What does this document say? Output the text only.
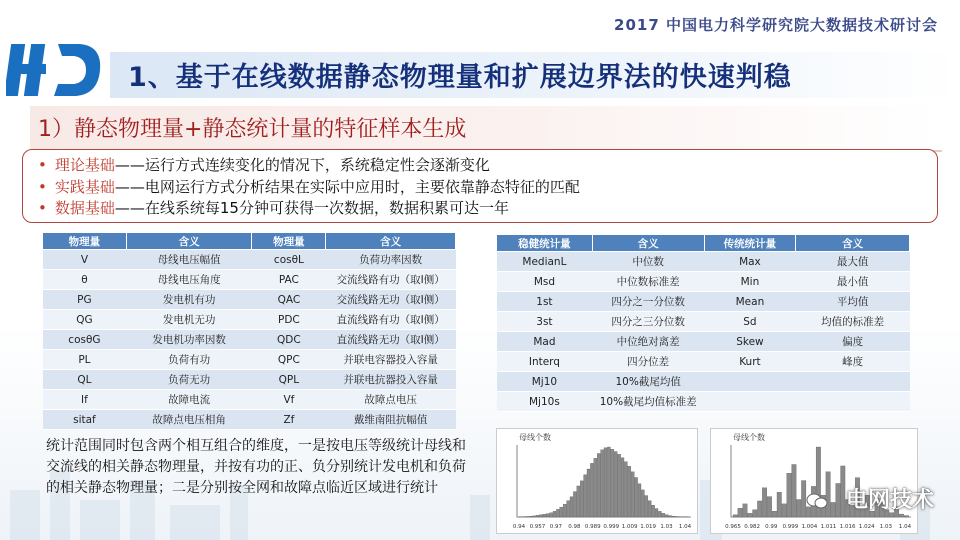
2017 中国电力科学研究院大数据技术研讨会
1、基于在线数据静态物理量和扩展边界法的快速判稳
1）静态物理量+静态统计量的特征样本生成
• 理论基础——运行方式连续变化的情况下，系统稳定性会逐渐变化
• 实践基础——电网运行方式分析结果在实际中应用时，主要依靠静态特征的匹配
• 数据基础——在线系统每15分钟可获得一次数据，数据积累可达一年
物理量	含义	物理量	含义
V	母线电压幅值	cosθL	负荷功率因数
θ	母线电压角度	PAC	交流线路有功（取I侧）
PG	发电机有功	QAC	交流线路无功（取I侧）
QG	发电机无功	PDC	直流线路有功（取I侧）
cosθG	发电机功率因数	QDC	直流线路无功（取I侧）
PL	负荷有功	QPC	并联电容器投入容量
QL	负荷无功	QPL	并联电抗器投入容量
If	故障电流	Vf	故障点电压
sitaf	故障点电压相角	Zf	戴维南阻抗幅值
稳健统计量	含义	传统统计量	含义
MedianL	中位数	Max	最大值
Msd	中位数标准差	Min	最小值
1st	四分之一分位数	Mean	平均值
3st	四分之三分位数	Sd	均值的标准差
Mad	中位绝对离差	Skew	偏度
Interq	四分位差	Kurt	峰度
Mj10	10%截尾均值		
Mj10s	10%截尾均值标准差		
统计范围同时包含两个相互组合的维度，一是按电压等级统计母线和交流线的相关静态物理量，并按有功的正、负分别统计发电机和负荷的相关静态物理量；二是分别按全网和故障点临近区域进行统计
母线个数
0.94 0.957 0.97 0.98 0.989 0.999 1.009 1.019 1.03 1.04
母线个数
0.965 0.982 0.99 0.999 1.004 1.011 1.016 1.024 1.03 1.04
电网技术
